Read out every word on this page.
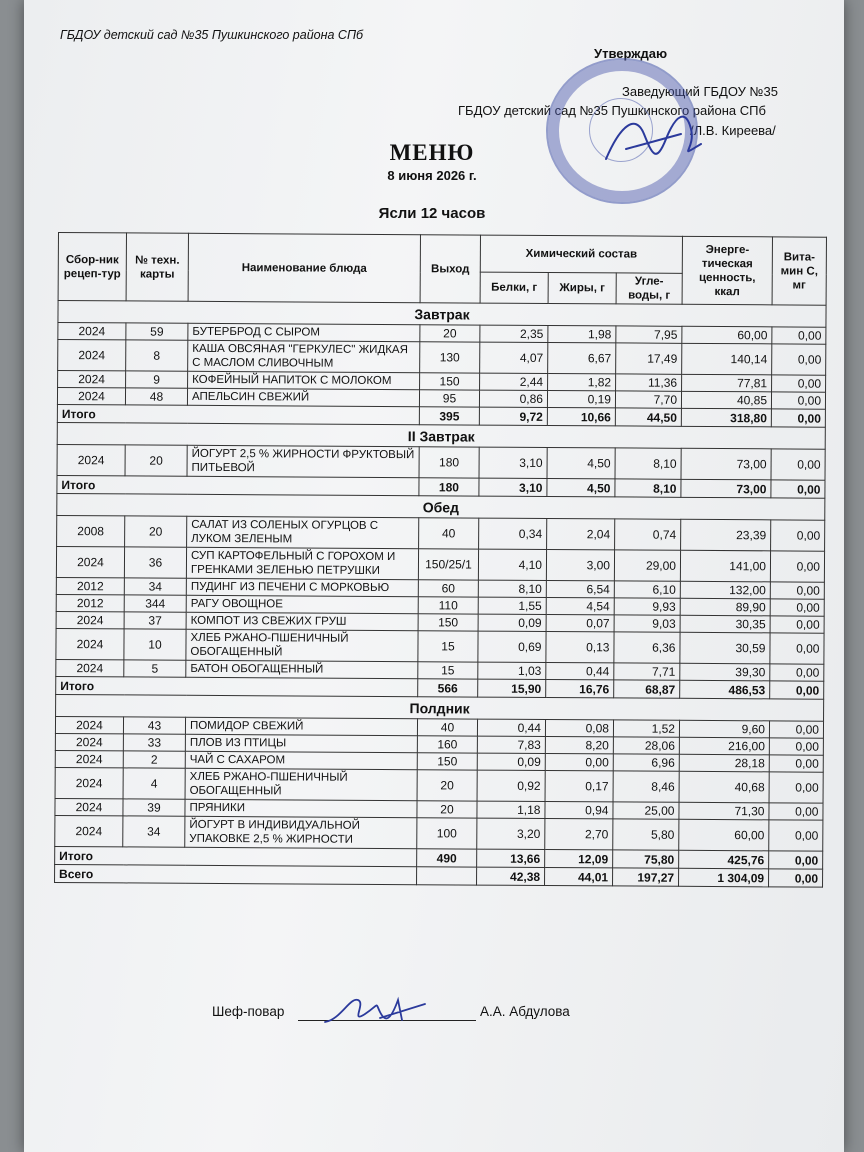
ГБДОУ детский сад №35 Пушкинского района СПб
Утверждаю
Заведующий ГБДОУ №35
ГБДОУ детский сад №35 Пушкинского района СПб
/Л.В. Киреева/
МЕНЮ
8 июня 2026 г.
Ясли 12 часов
Сбор-ник рецеп-тур	№ техн. карты	Наименование блюда	Выход	Химический состав			Энерге-тическая ценность, ккал	Вита-мин С, мг
				Белки, г	Жиры, г	Угле-воды, г		
Завтрак								
2024	59	БУТЕРБРОД С СЫРОМ	20	2,35	1,98	7,95	60,00	0,00
2024	8	КАША ОВСЯНАЯ "ГЕРКУЛЕС" ЖИДКАЯ С МАСЛОМ СЛИВОЧНЫМ	130	4,07	6,67	17,49	140,14	0,00
2024	9	КОФЕЙНЫЙ НАПИТОК С МОЛОКОМ	150	2,44	1,82	11,36	77,81	0,00
2024	48	АПЕЛЬСИН СВЕЖИЙ	95	0,86	0,19	7,70	40,85	0,00
Итого			395	9,72	10,66	44,50	318,80	0,00
II Завтрак								
2024	20	ЙОГУРТ 2,5 % ЖИРНОСТИ ФРУКТОВЫЙ ПИТЬЕВОЙ	180	3,10	4,50	8,10	73,00	0,00
Итого			180	3,10	4,50	8,10	73,00	0,00
Обед								
2008	20	САЛАТ ИЗ СОЛЕНЫХ ОГУРЦОВ С ЛУКОМ ЗЕЛЕНЫМ	40	0,34	2,04	0,74	23,39	0,00
2024	36	СУП КАРТОФЕЛЬНЫЙ С ГОРОХОМ И ГРЕНКАМИ ЗЕЛЕНЬЮ ПЕТРУШКИ	150/25/1	4,10	3,00	29,00	141,00	0,00
2012	34	ПУДИНГ ИЗ ПЕЧЕНИ С МОРКОВЬЮ	60	8,10	6,54	6,10	132,00	0,00
2012	344	РАГУ ОВОЩНОЕ	110	1,55	4,54	9,93	89,90	0,00
2024	37	КОМПОТ ИЗ СВЕЖИХ ГРУШ	150	0,09	0,07	9,03	30,35	0,00
2024	10	ХЛЕБ РЖАНО-ПШЕНИЧНЫЙ ОБОГАЩЕННЫЙ	15	0,69	0,13	6,36	30,59	0,00
2024	5	БАТОН ОБОГАЩЕННЫЙ	15	1,03	0,44	7,71	39,30	0,00
Итого			566	15,90	16,76	68,87	486,53	0,00
Полдник								
2024	43	ПОМИДОР СВЕЖИЙ	40	0,44	0,08	1,52	9,60	0,00
2024	33	ПЛОВ ИЗ ПТИЦЫ	160	7,83	8,20	28,06	216,00	0,00
2024	2	ЧАЙ С САХАРОМ	150	0,09	0,00	6,96	28,18	0,00
2024	4	ХЛЕБ РЖАНО-ПШЕНИЧНЫЙ ОБОГАЩЕННЫЙ	20	0,92	0,17	8,46	40,68	0,00
2024	39	ПРЯНИКИ	20	1,18	0,94	25,00	71,30	0,00
2024	34	ЙОГУРТ В ИНДИВИДУАЛЬНОЙ УПАКОВКЕ 2,5 % ЖИРНОСТИ	100	3,20	2,70	5,80	60,00	0,00
Итого			490	13,66	12,09	75,80	425,76	0,00
Всего				42,38	44,01	197,27	1 304,09	0,00
Шеф-повар	А.А. Абдулова
